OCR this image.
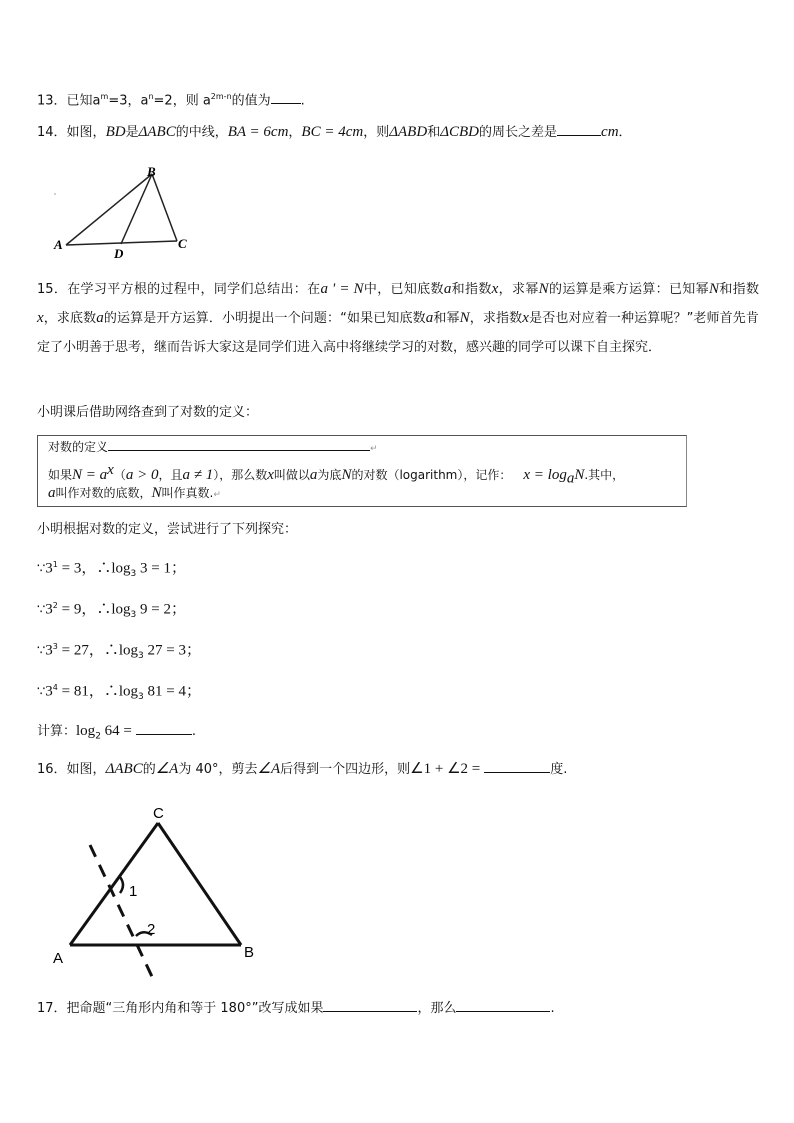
13．已知$a^m=3$，$a^n=2$，则 $a^{2m-n}$的值为 .
14．如图，BD是ΔABC的中线，BA = 6cm，BC = 4cm，则ΔABD和ΔCBD的周长之差是	cm．
A
B
C
D
15．在学习平方根的过程中，同学们总结出：在a ' = N中，已知底数a和指数x，求幂N的运算是乘方运算：已知幂N和指数x，求底数a的运算是开方运算．小明提出一个问题：“如果已知底数a和幂N，求指数x是否也对应着一种运算呢？”老师首先肯定了小明善于思考，继而告诉大家这是同学们进入高中将继续学习的对数，感兴趣的同学可以课下自主探究．
小明课后借助网络查到了对数的定义：
对数的定义	↵
如果$N = a^x(a > 0$，且a ≠ 1），那么数x叫做以a为底N的对数（logarithm），记作： $x = \log_aN$.其中，
a叫作对数的底数，N叫作真数.↵
小明根据对数的定义，尝试进行了下列探究：
$\because 3^1 = 3$，$\therefore\log_3$ 3 = 1；
$\because 3^2 = 9$，$\therefore\log_3$ 9 = 2；
$\because 3^3 = 27$，$\therefore\log_3$ 27 = 3；
$\because 3^4 = 81$，$\therefore\log_3$ 81 = 4；
计算：$\log_2 64$ =	.
16．如图，ΔABC的∠A为 40°，剪去∠A后得到一个四边形，则∠1 + ∠2 =	度.
1
2
C
A	B
17．把命题“三角形内角和等于 180°”改写成如果	，那么	.
